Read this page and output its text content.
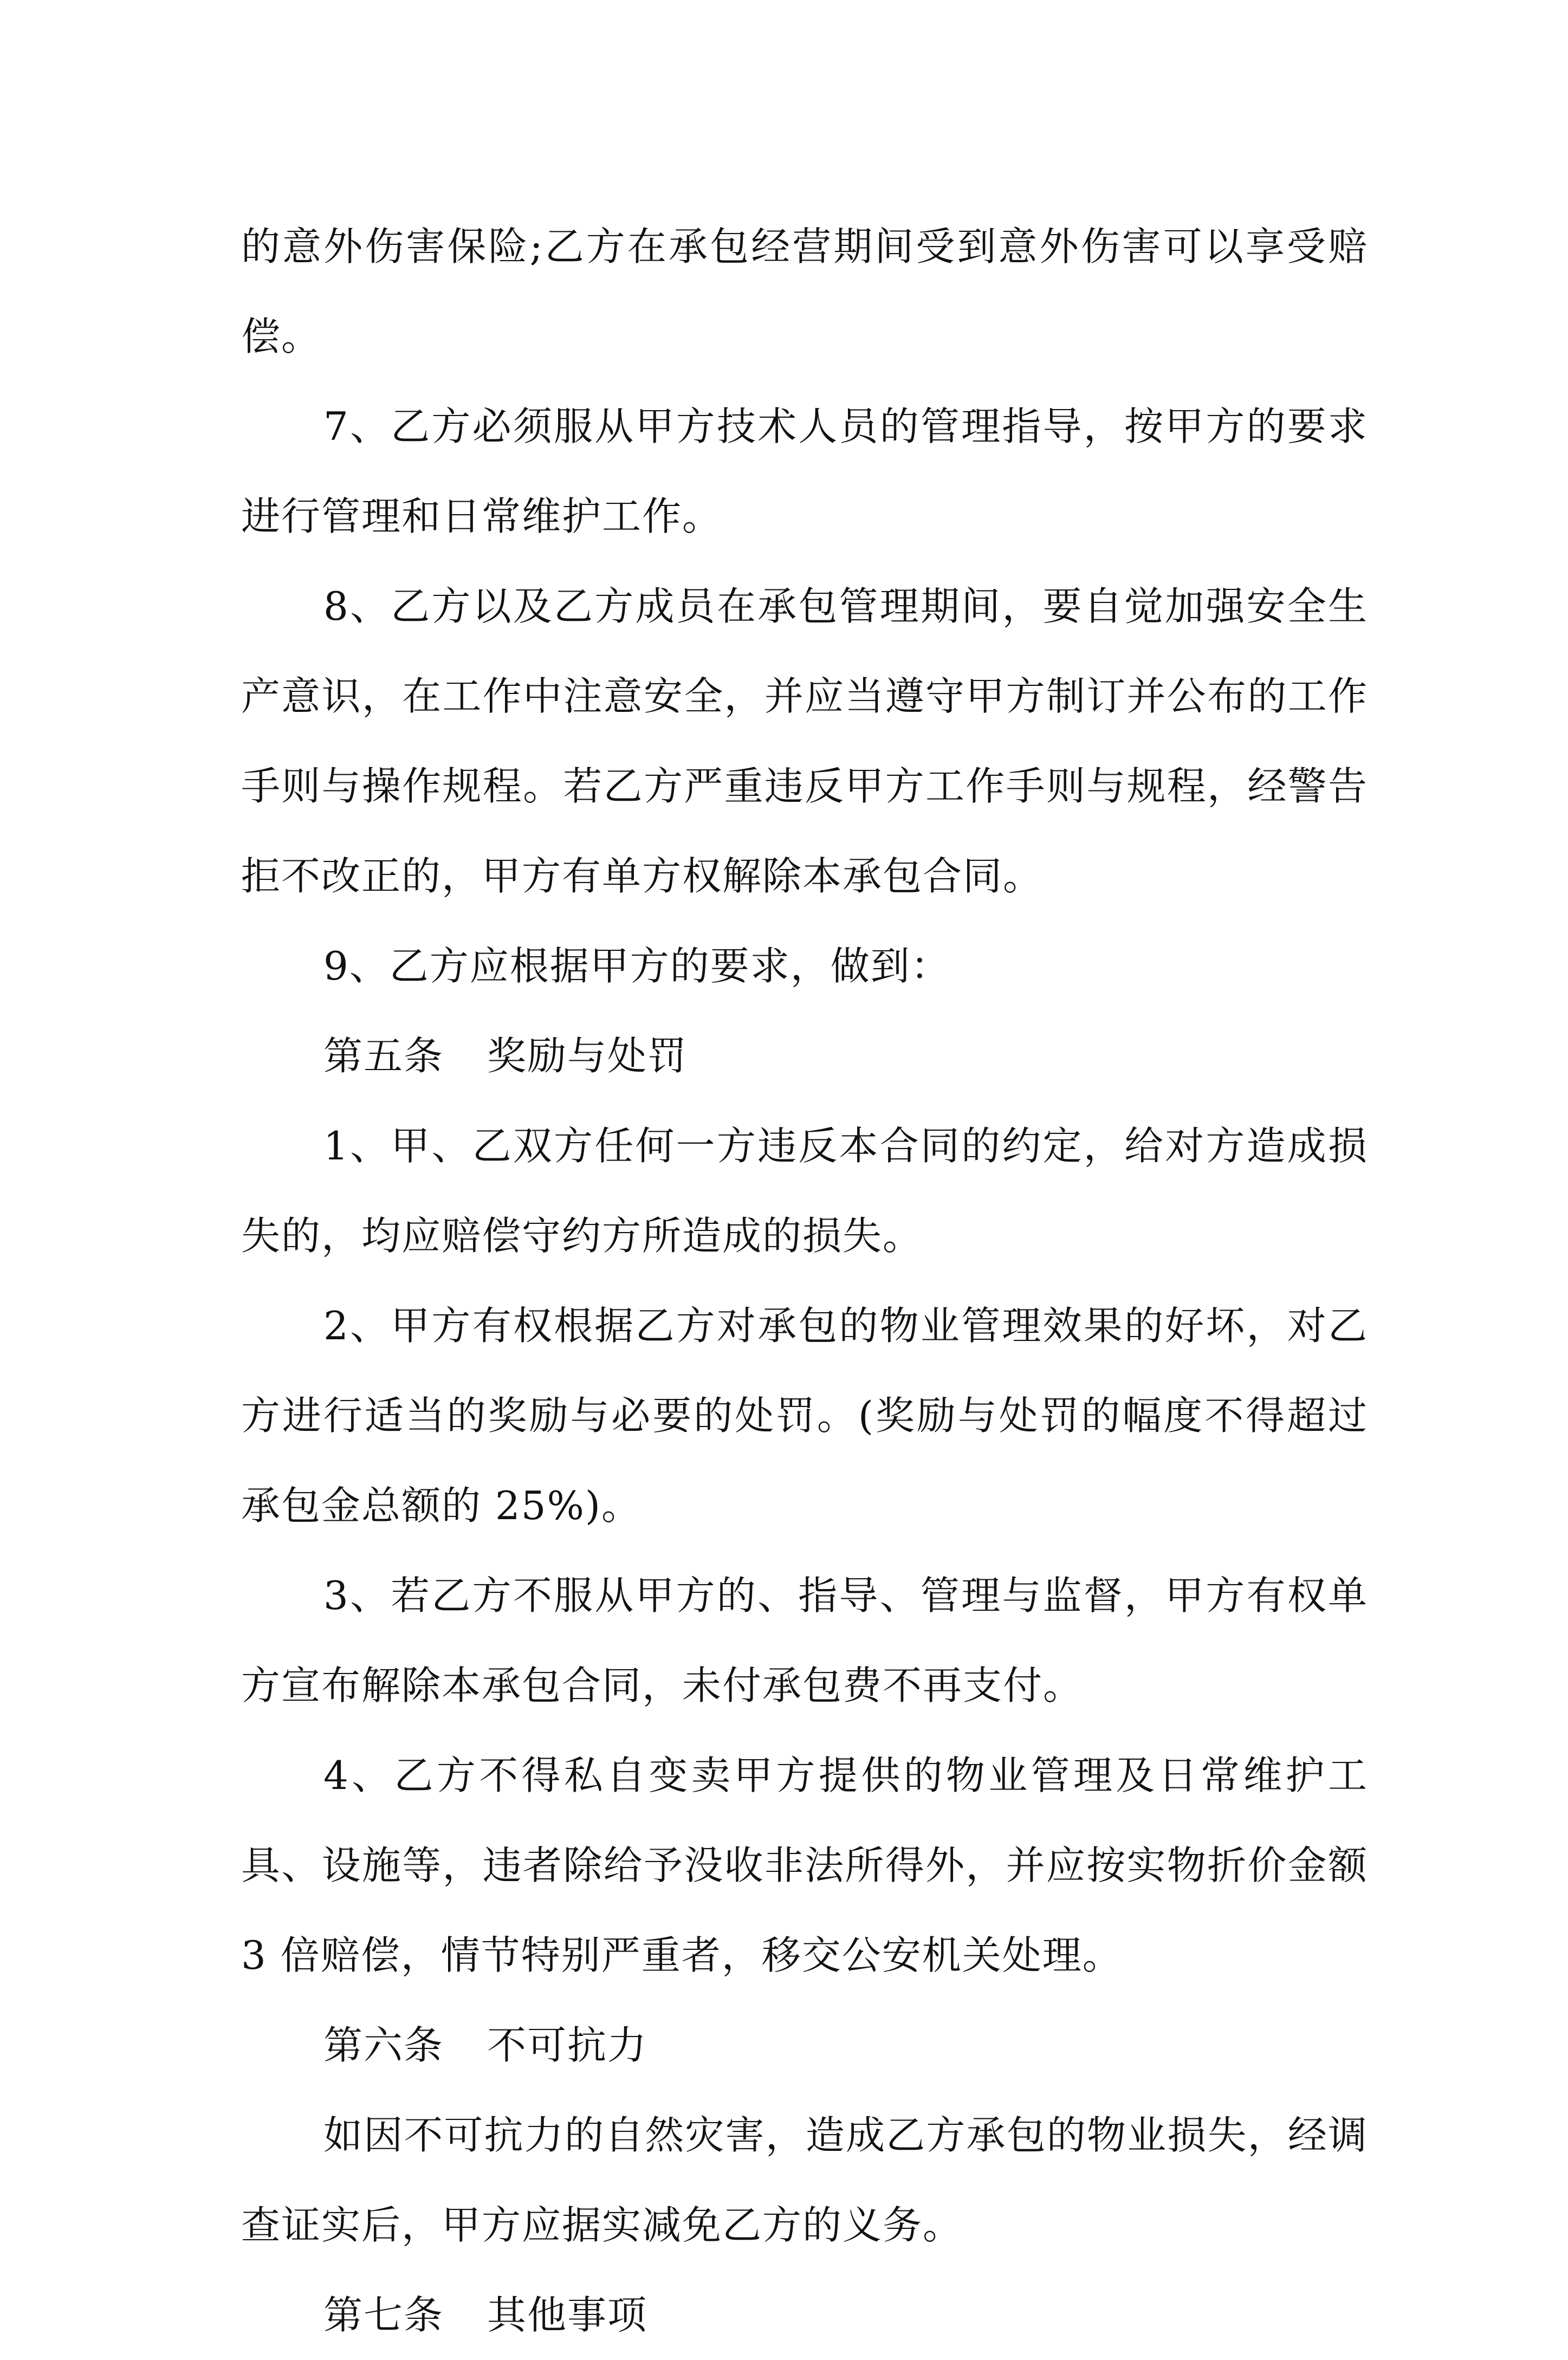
的意外伤害保险;乙方在承包经营期间受到意外伤害可以享受赔偿。

7、乙方必须服从甲方技术人员的管理指导，按甲方的要求进行管理和日常维护工作。

8、乙方以及乙方成员在承包管理期间，要自觉加强安全生产意识，在工作中注意安全，并应当遵守甲方制订并公布的工作手则与操作规程。若乙方严重违反甲方工作手则与规程，经警告拒不改正的，甲方有单方权解除本承包合同。

9、乙方应根据甲方的要求，做到：

第五条 奖励与处罚

1、甲、乙双方任何一方违反本合同的约定，给对方造成损失的，均应赔偿守约方所造成的损失。

2、甲方有权根据乙方对承包的物业管理效果的好坏，对乙方进行适当的奖励与必要的处罚。(奖励与处罚的幅度不得超过承包金总额的 25%)。

3、若乙方不服从甲方的、指导、管理与监督，甲方有权单方宣布解除本承包合同，未付承包费不再支付。

4、乙方不得私自变卖甲方提供的物业管理及日常维护工具、设施等，违者除给予没收非法所得外，并应按实物折价金额 3 倍赔偿，情节特别严重者，移交公安机关处理。

第六条 不可抗力

如因不可抗力的自然灾害，造成乙方承包的物业损失，经调查证实后，甲方应据实减免乙方的义务。

第七条 其他事项
